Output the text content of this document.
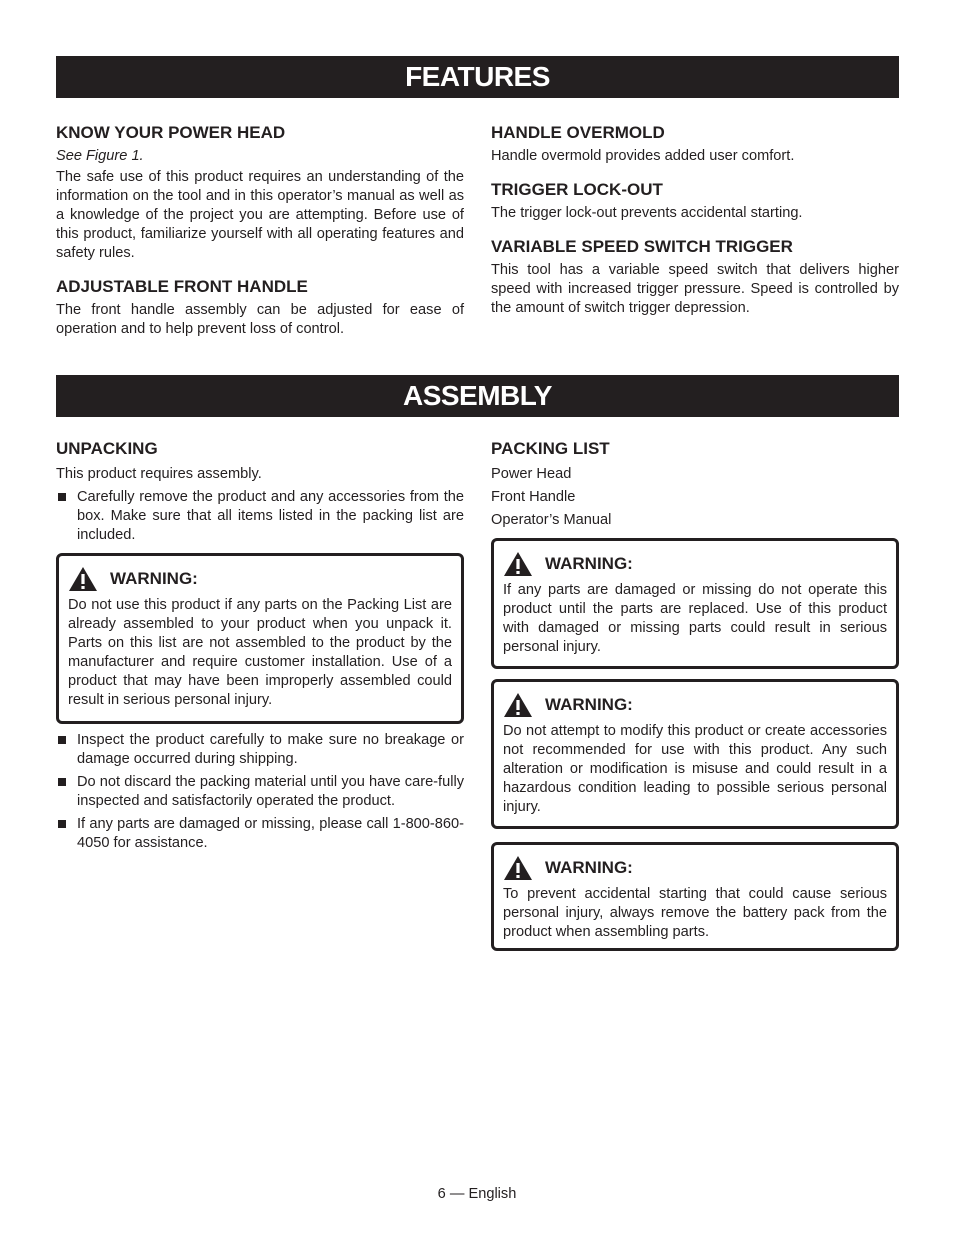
FEATURES
KNOW YOUR POWER HEAD

See Figure 1.

The safe use of this product requires an understanding of the information on the tool and in this operator’s manual as well as a knowledge of the project you are attempting. Before use of this product, familiarize yourself with all operating features and safety rules.

ADJUSTABLE FRONT HANDLE

The front handle assembly can be adjusted for ease of operation and to help prevent loss of control.

HANDLE OVERMOLD

Handle overmold provides added user comfort.

TRIGGER LOCK-OUT

The trigger lock-out prevents accidental starting.

VARIABLE SPEED SWITCH TRIGGER

This tool has a variable speed switch that delivers higher speed with increased trigger pressure. Speed is controlled by the amount of switch trigger depression.

ASSEMBLY
UNPACKING

This product requires assembly.

Carefully remove the product and any accessories from the box. Make sure that all items listed in the packing list are included.
WARNING:

Do not use this product if any parts on the Packing List are already assembled to your product when you unpack it. Parts on this list are not assembled to the product by the manufacturer and require customer installation. Use of a product that may have been improperly assembled could result in serious personal injury.

Inspect the product carefully to make sure no breakage or damage occurred during shipping.
Do not discard the packing material until you have care-fully inspected and satisfactorily operated the product.
If any parts are damaged or missing, please call 1-800-860-4050 for assistance.
PACKING LIST
Power Head
Front Handle
Operator’s Manual
WARNING:

If any parts are damaged or missing do not operate this product until the parts are replaced. Use of this product with damaged or missing parts could result in serious personal injury.

WARNING:

Do not attempt to modify this product or create accessories not recommended for use with this product. Any such alteration or modification is misuse and could result in a hazardous condition leading to possible serious personal injury.

WARNING:

To prevent accidental starting that could cause serious personal injury, always remove the battery pack from the product when assembling parts.

6 — English
